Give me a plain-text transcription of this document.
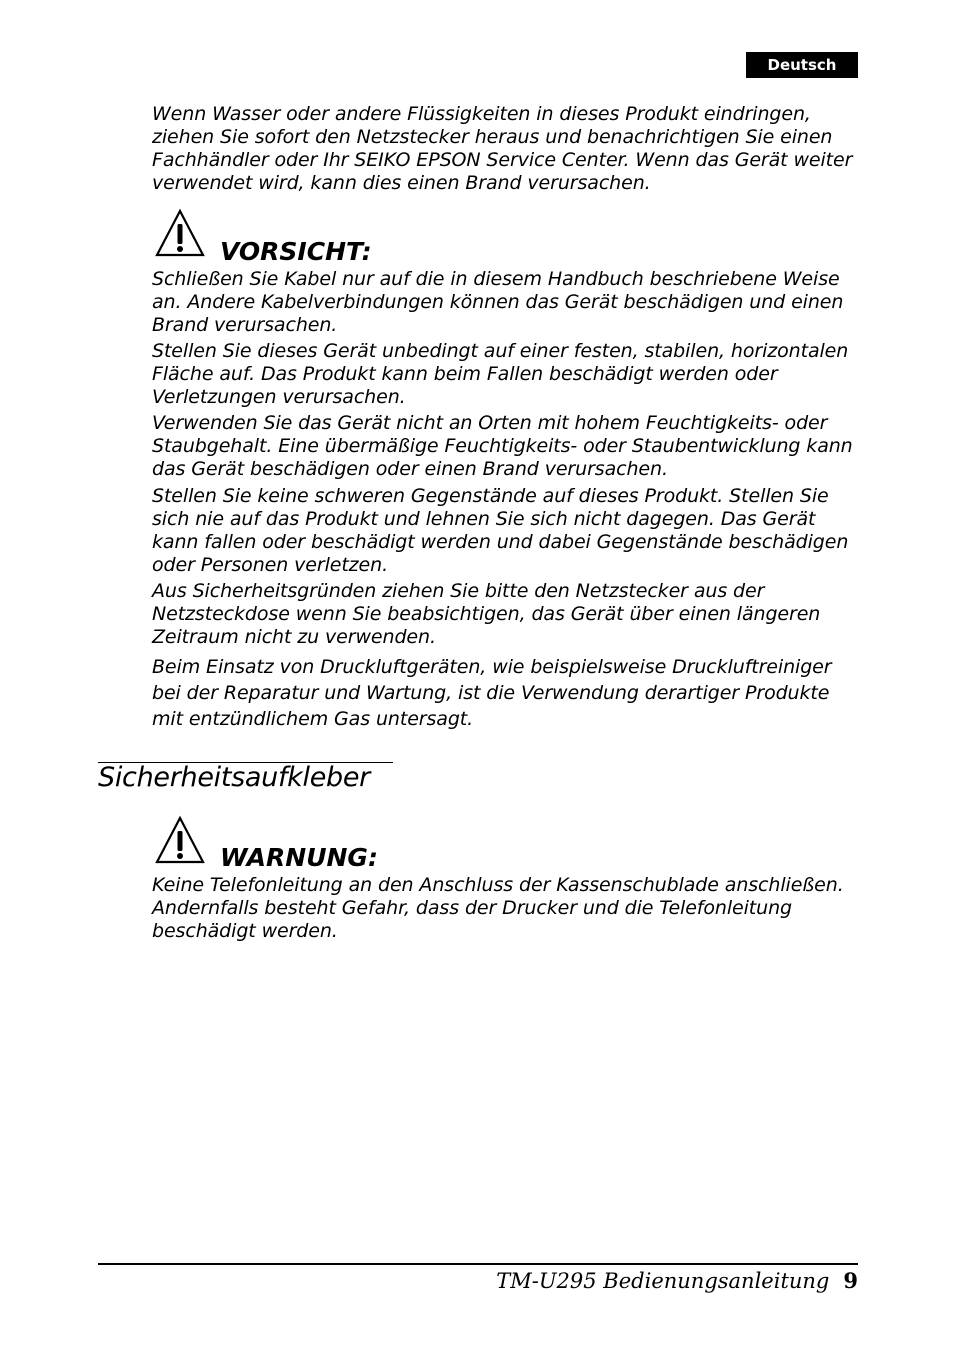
Deutsch

Wenn Wasser oder andere Flüssigkeiten in dieses Produkt eindringen, ziehen Sie sofort den Netzstecker heraus und benachrichtigen Sie einen Fachhändler oder Ihr SEIKO EPSON Service Center. Wenn das Gerät weiter verwendet wird, kann dies einen Brand verursachen.

VORSICHT:

Schließen Sie Kabel nur auf die in diesem Handbuch beschriebene Weise an. Andere Kabelverbindungen können das Gerät beschädigen und einen Brand verursachen.

Stellen Sie dieses Gerät unbedingt auf einer festen, stabilen, horizontalen Fläche auf. Das Produkt kann beim Fallen beschädigt werden oder Verletzungen verursachen.

Verwenden Sie das Gerät nicht an Orten mit hohem Feuchtigkeits- oder Staubgehalt. Eine übermäßige Feuchtigkeits- oder Staubentwicklung kann das Gerät beschädigen oder einen Brand verursachen.

Stellen Sie keine schweren Gegenstände auf dieses Produkt. Stellen Sie sich nie auf das Produkt und lehnen Sie sich nicht dagegen. Das Gerät kann fallen oder beschädigt werden und dabei Gegenstände beschädigen oder Personen verletzen.

Aus Sicherheitsgründen ziehen Sie bitte den Netzstecker aus der Netzsteckdose wenn Sie beabsichtigen, das Gerät über einen längeren Zeitraum nicht zu verwenden.

Beim Einsatz von Druckluftgeräten, wie beispielsweise Druckluftreiniger bei der Reparatur und Wartung, ist die Verwendung derartiger Produkte mit entzündlichem Gas untersagt.

Sicherheitsaufkleber
WARNUNG:

Keine Telefonleitung an den Anschluss der Kassenschublade anschließen. Andernfalls besteht Gefahr, dass der Drucker und die Telefonleitung beschädigt werden.

TM-U295 Bedienungsanleitung 9
